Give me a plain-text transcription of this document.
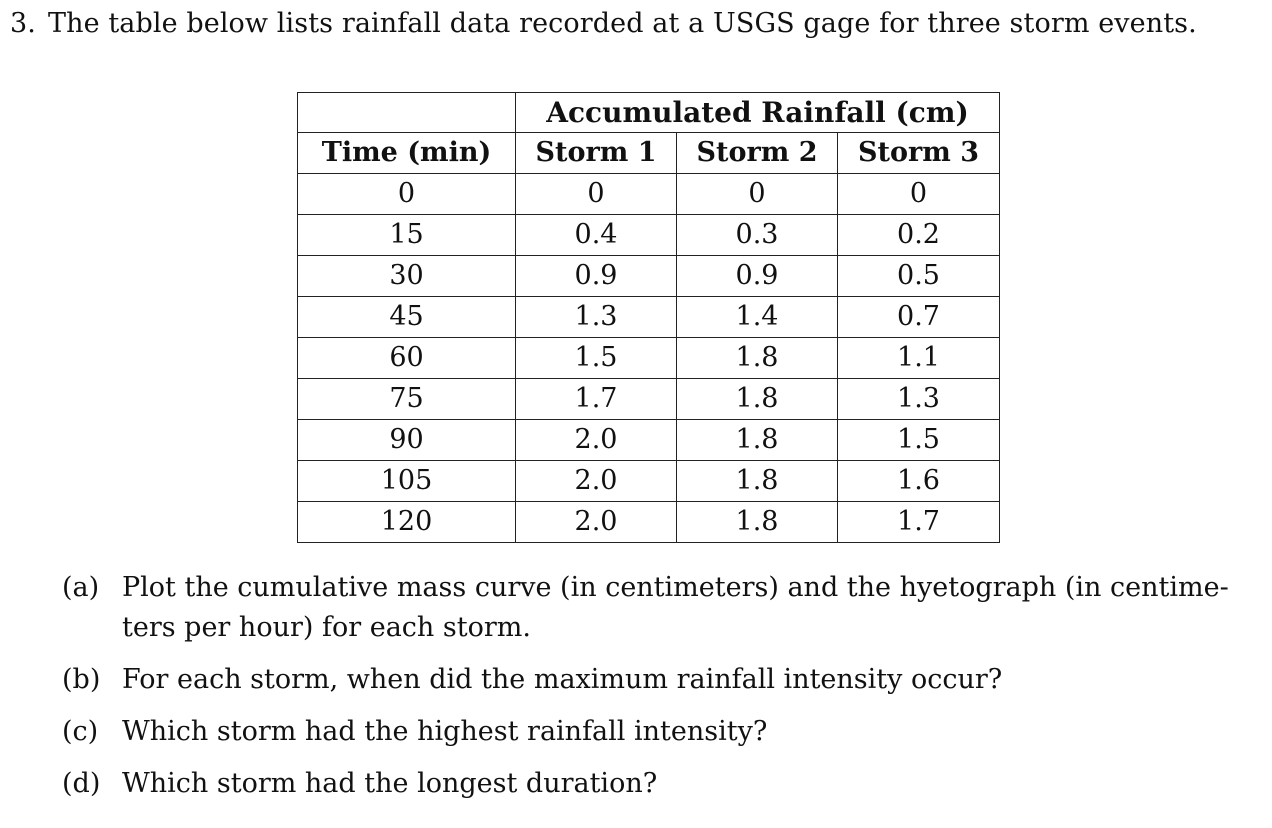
3. The table below lists rainfall data recorded at a USGS gage for three storm events.
	Accumulated Rainfall (cm)		
Time (min)	Storm 1	Storm 2	Storm 3
0	0	0	0
15	0.4	0.3	0.2
30	0.9	0.9	0.5
45	1.3	1.4	0.7
60	1.5	1.8	1.1
75	1.7	1.8	1.3
90	2.0	1.8	1.5
105	2.0	1.8	1.6
120	2.0	1.8	1.7
(a) Plot the cumulative mass curve (in centimeters) and the hyetograph (in centime-
ters per hour) for each storm.
(b) For each storm, when did the maximum rainfall intensity occur?
(c) Which storm had the highest rainfall intensity?
(d) Which storm had the longest duration?
